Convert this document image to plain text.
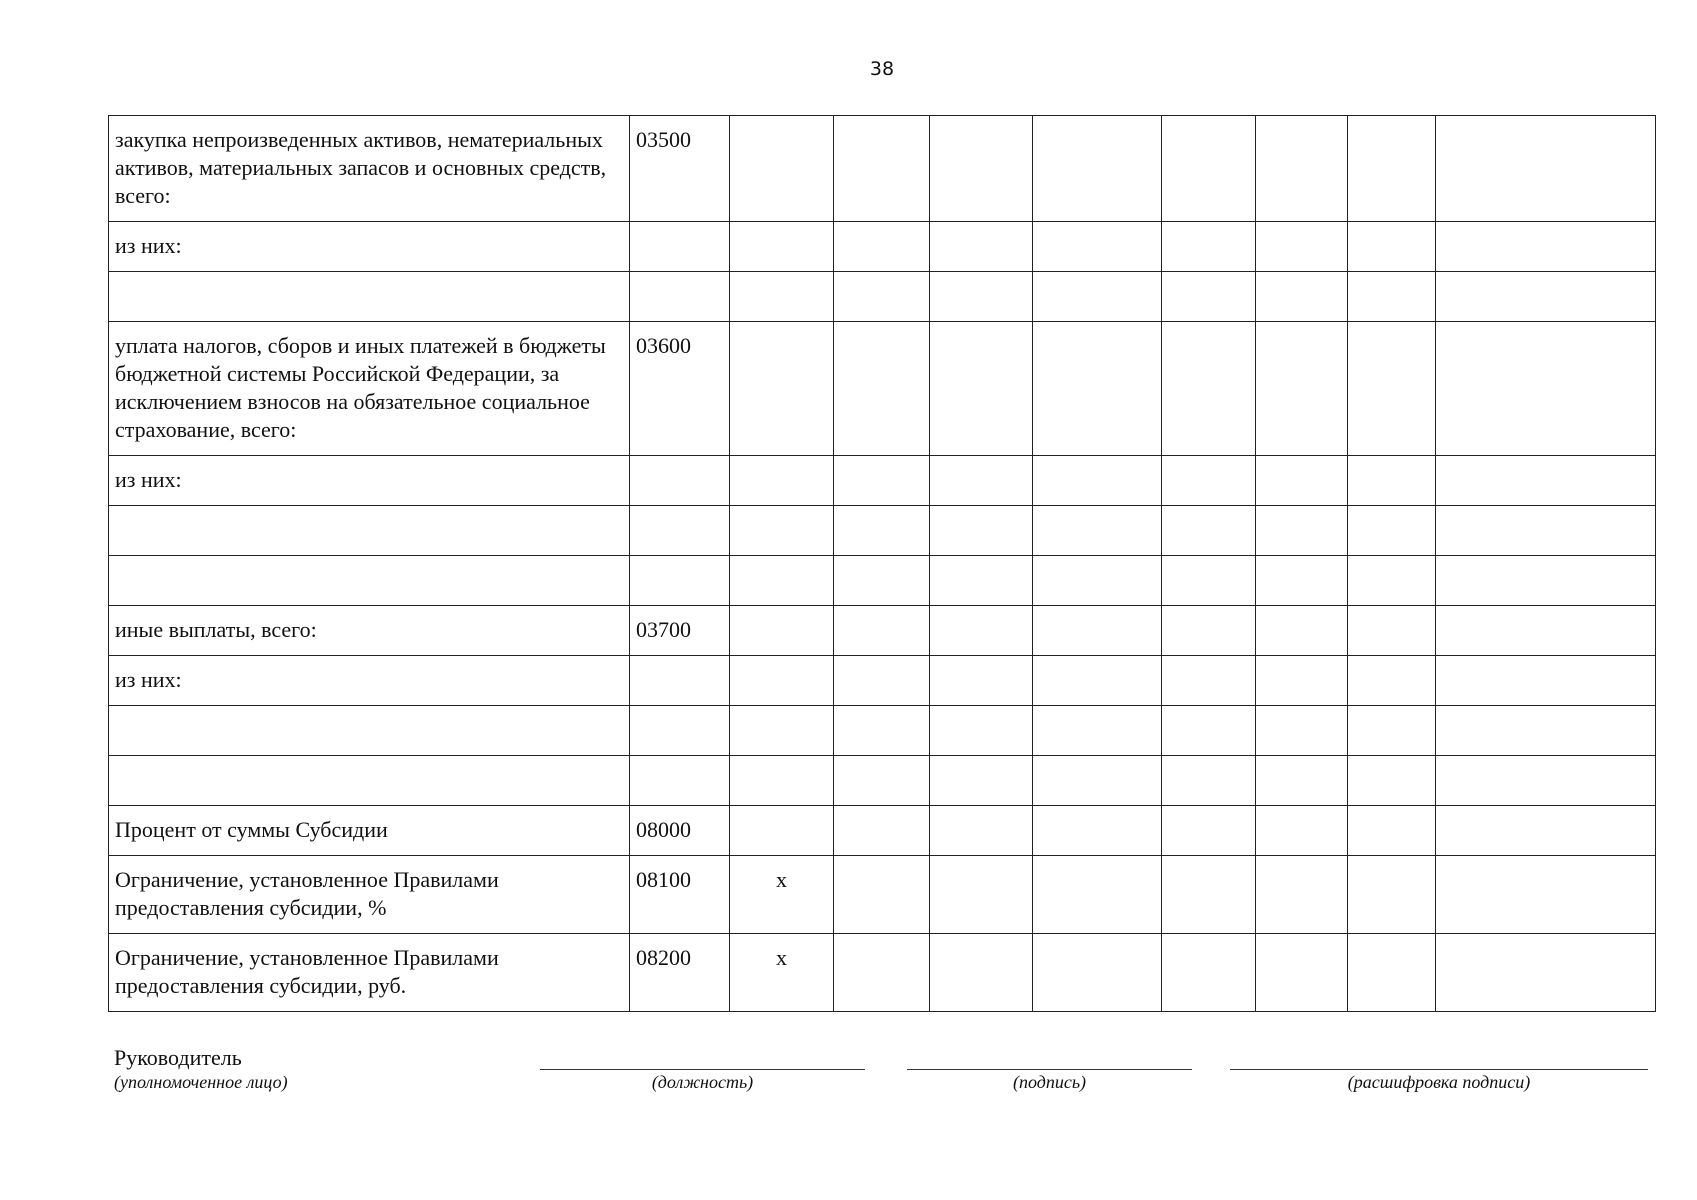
38
закупка непроизведенных активов, нематериальных активов, материальных запасов и основных средств, всего:	03500								
из них:									

уплата налогов, сборов и иных платежей в бюджеты бюджетной системы Российской Федерации, за исключением взносов на обязательное социальное страхование, всего:	03600								
из них:									

иные выплаты, всего:	03700								
из них:									

Процент от суммы Субсидии	08000								
Ограничение, установленное Правилами предоставления субсидии, %	08100	x							
Ограничение, установленное Правилами предоставления субсидии, руб.	08200	x							
Руководитель
(уполномоченное лицо)	(должность)	(подпись)	(расшифровка подписи)
